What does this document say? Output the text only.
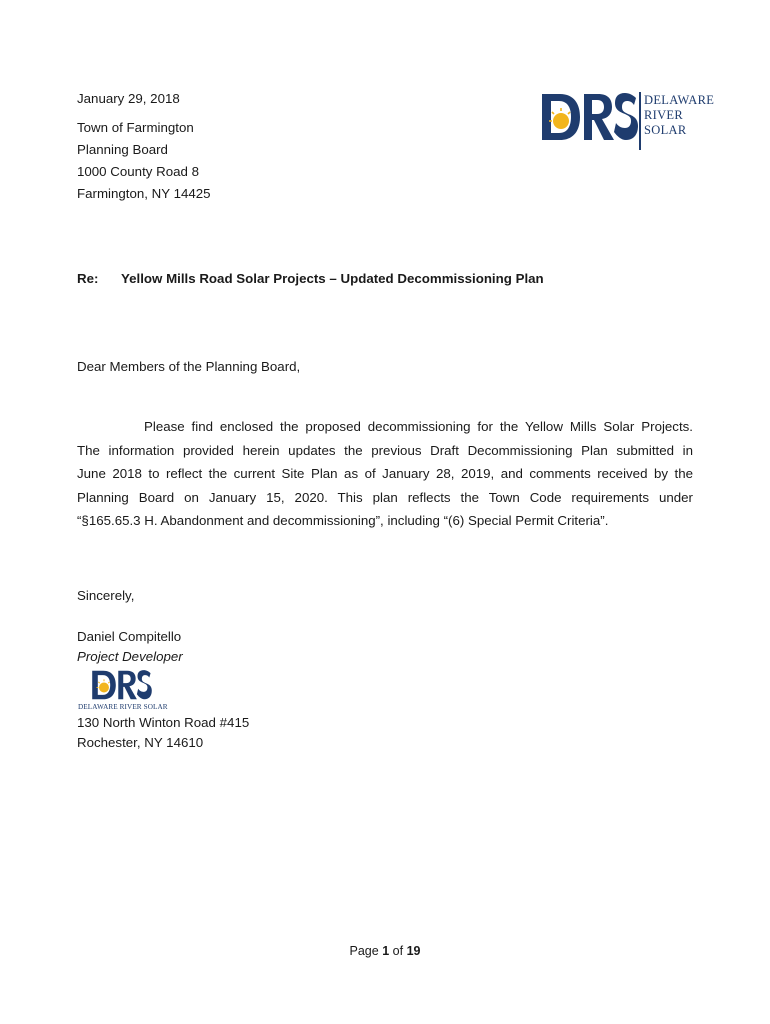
DELAWARE
RIVER
SOLAR
January 29, 2018
Town of Farmington
Planning Board
1000 County Road 8
Farmington, NY 14425
Re: Yellow Mills Road Solar Projects – Updated Decommissioning Plan
Dear Members of the Planning Board,
Please find enclosed the proposed decommissioning for the Yellow Mills Solar Projects.
The information provided herein updates the previous Draft Decommissioning Plan submitted in
June 2018 to reflect the current Site Plan as of January 28, 2019, and comments received by the
Planning Board on January 15, 2020. This plan reflects the Town Code requirements under
“§165.65.3 H. Abandonment and decommissioning”, including “(6) Special Permit Criteria”.
Sincerely,
Daniel Compitello
Project Developer
DELAWARE RIVER SOLAR
130 North Winton Road #415
Rochester, NY 14610
Page 1 of 19
